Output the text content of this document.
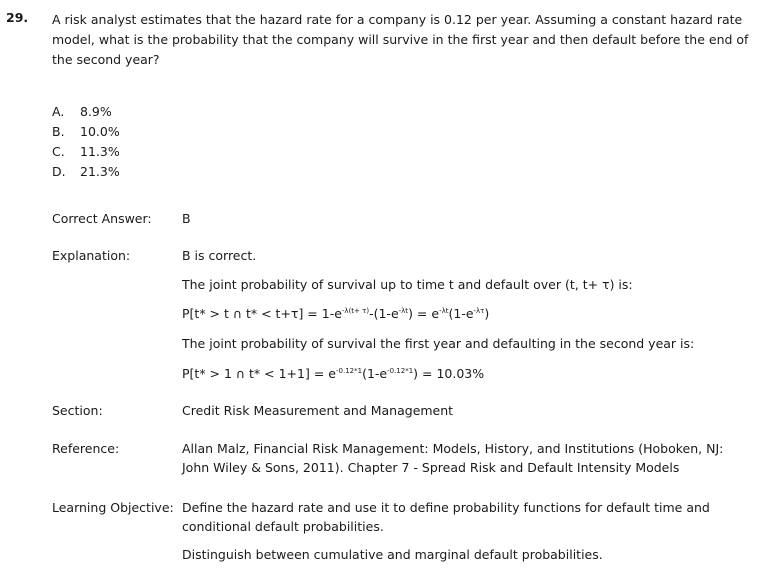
29. A risk analyst estimates that the hazard rate for a company is 0.12 per year. Assuming a constant hazard rate model, what is the probability that the company will survive in the first year and then default before the end of the second year?
A. 8.9%
B. 10.0%
C. 11.3%
D. 21.3%
Correct Answer: B
Explanation:	B is correct.
The joint probability of survival up to time t and default over (t, t+ τ) is:
P[t* > t ∩ $t* < t+\tau] = 1-e^{-\lambda(t+ \tau)}-(1-e^{-\lambda t}) = e^{-\lambda t}(1-e^{-\lambda\tau})$
The joint probability of survival the first year and defaulting in the second year is:
P[t* > 1 ∩ $t* < 1+1] = e^{-0.12*1}(1-e^{-0.12*1}) = 10.03\%$
Section:	Credit Risk Measurement and Management
Reference:	Allan Malz, Financial Risk Management: Models, History, and Institutions (Hoboken, NJ: John Wiley & Sons, 2011). Chapter 7 - Spread Risk and Default Intensity Models
Learning Objective: Define the hazard rate and use it to define probability functions for default time and conditional default probabilities.
Distinguish between cumulative and marginal default probabilities.
